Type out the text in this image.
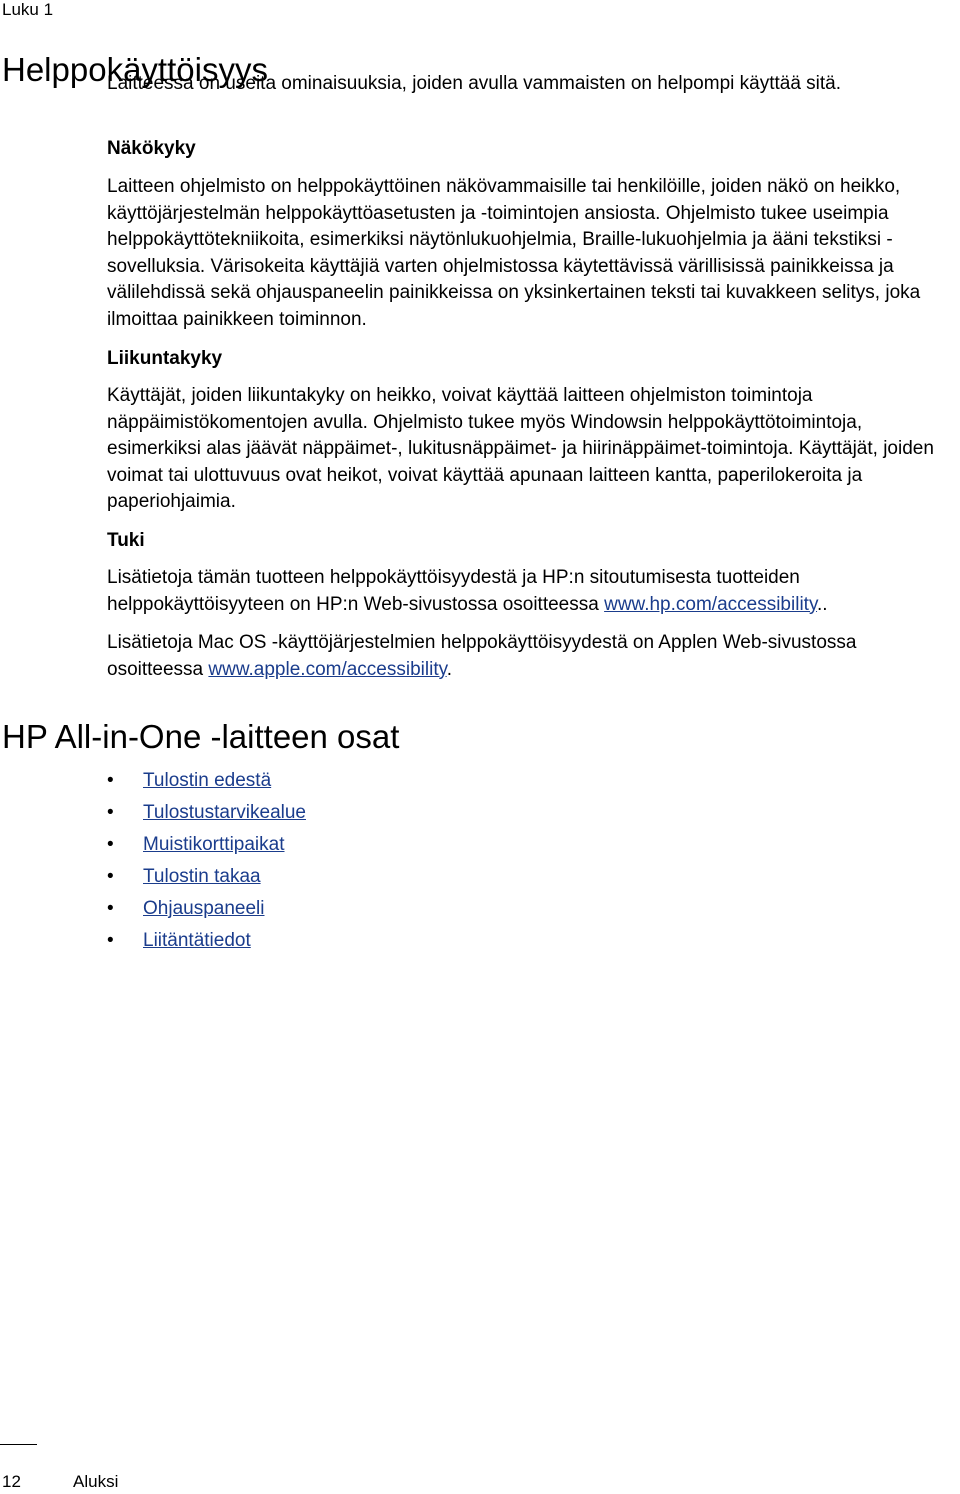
Luku 1
Helppokäyttöisyys

Laitteessa on useita ominaisuuksia, joiden avulla vammaisten on helpompi käyttää sitä.

Näkökyky

Laitteen ohjelmisto on helppokäyttöinen näkövammaisille tai henkilöille, joiden näkö on heikko, käyttöjärjestelmän helppokäyttöasetusten ja -toimintojen ansiosta. Ohjelmisto tukee useimpia helppokäyttötekniikoita, esimerkiksi näytönlukuohjelmia, Braille-lukuohjelmia ja ääni tekstiksi -sovelluksia. Värisokeita käyttäjiä varten ohjelmistossa käytettävissä värillisissä painikkeissa ja välilehdissä sekä ohjauspaneelin painikkeissa on yksinkertainen teksti tai kuvakkeen selitys, joka ilmoittaa painikkeen toiminnon.

Liikuntakyky

Käyttäjät, joiden liikuntakyky on heikko, voivat käyttää laitteen ohjelmiston toimintoja näppäimistökomentojen avulla. Ohjelmisto tukee myös Windowsin helppokäyttötoimintoja, esimerkiksi alas jäävät näppäimet-, lukitusnäppäimet- ja hiirinäppäimet-toimintoja. Käyttäjät, joiden voimat tai ulottuvuus ovat heikot, voivat käyttää apunaan laitteen kantta, paperilokeroita ja paperiohjaimia.

Tuki

Lisätietoja tämän tuotteen helppokäyttöisyydestä ja HP:n sitoutumisesta tuotteiden helppokäyttöisyyteen on HP:n Web-sivustossa osoitteessa www.hp.com/accessibility..

Lisätietoja Mac OS -käyttöjärjestelmien helppokäyttöisyydestä on Applen Web-sivustossa osoitteessa www.apple.com/accessibility.

HP All-in-One -laitteen osat
• Tulostin edestä
• Tulostustarvikealue
• Muistikorttipaikat
• Tulostin takaa
• Ohjauspaneeli
• Liitäntätiedot
12	Aluksi
